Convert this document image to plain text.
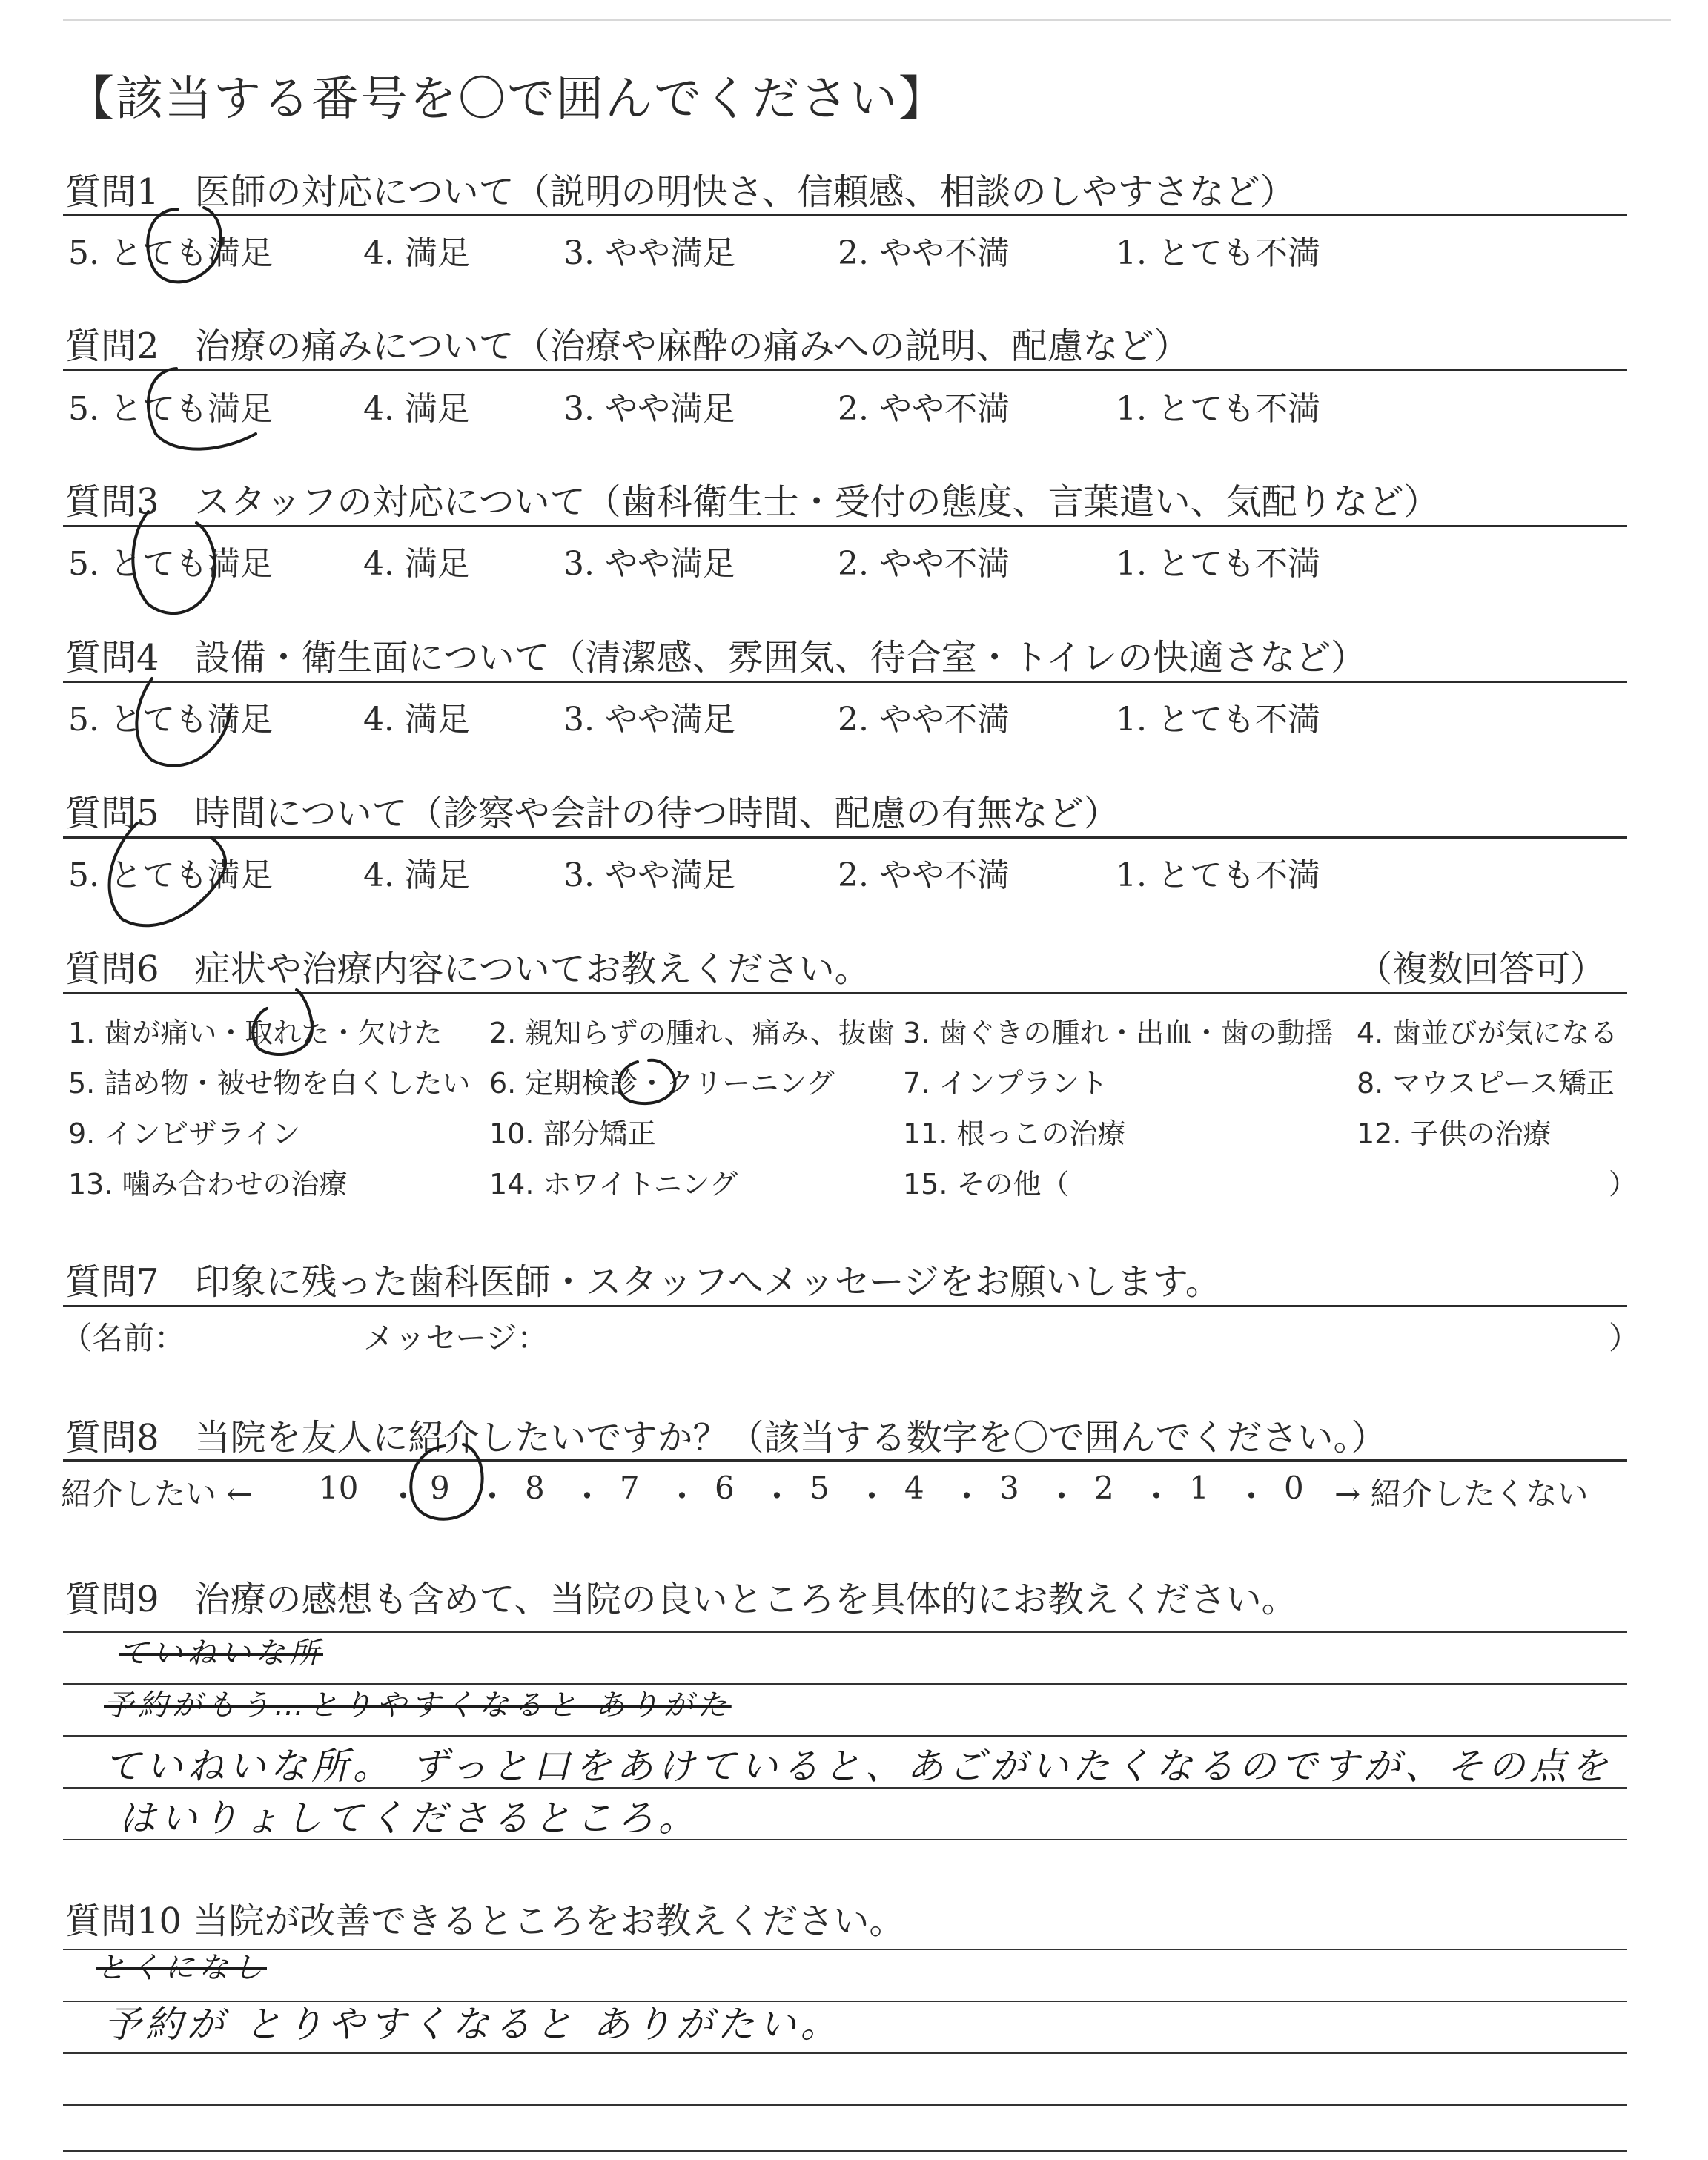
【該当する番号を〇で囲んでください】
質問1　医師の対応について（説明の明快さ、信頼感、相談のしやすさなど）
5. とても満足	4. 満足	3. やや満足	2. やや不満	1. とても不満
質問2　治療の痛みについて（治療や麻酔の痛みへの説明、配慮など）
5. とても満足	4. 満足	3. やや満足	2. やや不満	1. とても不満
質問3　スタッフの対応について（歯科衛生士・受付の態度、言葉遣い、気配りなど）
5. とても満足	4. 満足	3. やや満足	2. やや不満	1. とても不満
質問4　設備・衛生面について（清潔感、雰囲気、待合室・トイレの快適さなど）
5. とても満足	4. 満足	3. やや満足	2. やや不満	1. とても不満
質問5　時間について（診察や会計の待つ時間、配慮の有無など）
5. とても満足	4. 満足	3. やや満足	2. やや不満	1. とても不満
質問6　症状や治療内容についてお教えください。	（複数回答可）
1. 歯が痛い・取れた・欠けた 2. 親知らずの腫れ、痛み、抜歯 3. 歯ぐきの腫れ・出血・歯の動揺 4. 歯並びが気になる
5. 詰め物・被せ物を白くしたい 6. 定期検診・クリーニング 7. インプラント	8. マウスピース矯正
9. インビザライン	10. 部分矯正	11. 根っこの治療	12. 子供の治療
13. 噛み合わせの治療	14. ホワイトニング	15. その他（	）
質問7　印象に残った歯科医師・スタッフへメッセージをお願いします。
（名前：	メッセージ：	）
質問8　当院を友人に紹介したいですか？（該当する数字を〇で囲んでください。）
紹介したい ← 10 ・ 9 ・ 8 ・ 7 ・ 6 ・ 5 ・ 4 ・ 3 ・ 2 ・ 1 ・ 0 → 紹介したくない
質問9　治療の感想も含めて、当院の良いところを具体的にお教えください。
ていねいな所
予約がもう…とりやすくなると ありがた
ていねいな所。 ずっと口をあけていると、あごがいたくなるのですが、その点を
はいりょしてくださるところ。
質問10 当院が改善できるところをお教えください。
とくになし
予約が とりやすくなると ありがたい。
